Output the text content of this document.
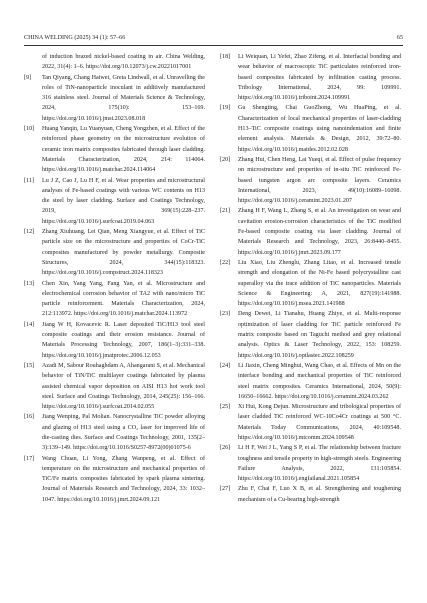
CHINA WELDING (2025) 34 (1): 57–66	65

of induction brazed nickel-based coating in air. China Welding, 2022, 31(4): 1–6. https://doi.org/10.12073/j.cw.20221017001

[9] Tan Qiyang, Chang Haiwei, Greta Lindwall, et al. Unravelling the roles of TiN-nanoparticle inoculant in additively manufactured 316 stainless steel. Journal of Materials Science & Technology, 2024, 175(10): 153–169. https://doi.org/10.1016/j.jmst.2023.08.018

[10] Huang Yanqin, Lu Yuanyuan, Cheng Yongzhen, et al. Effect of the reinforced phase geometry on the microstructure evolution of ceramic iron matrix composites fabricated through laser cladding. Materials Characterization, 2024, 214: 114064. https://doi.org/10.1016/j.matchar.2024.114064

[11] Lu J Z, Cao J, Lu H F, et al. Wear properties and microstructural analyses of Fe-based coatings with various WC contents on H13 die steel by laser cladding. Surface and Coatings Technology, 2019, 369(15):228–237. https://doi.org/10.1016/j.surfcoat.2019.04.063

[12] Zhang Xiuhuang, Lei Qian, Meng Xiangyue, et al. Effect of TiC particle size on the microstructure and properties of CoCr-TiC composites manufactured by powder metallurgy. Composite Structures, 2024, 344(15):118323. https://doi.org/10.1016/j.compstruct.2024.118323

[13] Chen Xin, Yang Yang, Fang Yan, et al. Microstructure and electrochemical corrosion behavior of TA2 with nano/micro TiC particle reinforcement. Materials Characterization, 2024, 212:113972. https://doi.org/10.1016/j.matchar.2024.113972

[14] Jiang W H, Kovacevic R. Laser deposited TiC/H13 tool steel composite coatings and their erosion resistance. Journal of Materials Processing Technology, 2007, 186(1–3):331–338. https://doi.org/10.1016/j.jmatprotec.2006.12.053

[15] Azadi M, Sabour Rouhaghdam A, Ahangarani S, et al. Mechanical behavior of TiN/TiC multilayer coatings fabricated by plasma assisted chemical vapor deposition on AISI H13 hot work tool steel. Surface and Coatings Technology, 2014, 245(25): 156–166. https://doi.org/10.1016/j.surfcoat.2014.02.055

[16] Jiang Wenping, Pal Molian. Nanocrystalline TiC powder alloying and glazing of H13 steel using a CO₂ laser for improved life of die-casting dies. Surface and Coatings Technology, 2001, 135(2–3):139–149. https://doi.org/10.1016/S0257-8972(00)01075-6

[17] Wang Chuan, Li Yong, Zhang Wanpeng, et al. Effect of temperature on the microstructure and mechanical properties of TiC/Fe matrix composites fabricated by spark plasma sintering. Journal of Materials Research and Technology, 2024, 33: 1032–1047. https://doi.org/10.1016/j.jmrt.2024.09.121

[18] Li Weiquan, Li Yefei, Zhao Zifeng, et al. Interfacial bonding and wear behavior of macroscopic TiC particulates reinforced iron-based composites fabricated by infiltration casting process. Tribology International, 2024, 99: 109991. https://doi.org/10.1016/j.triboint.2024.109991

[19] Gu Shengting, Chai GuoZhong, Wu HuaPing, et al. Characterization of local mechanical properties of laser-cladding H13–TiC composite coatings using nanoindentation and finite element analysis. Materials & Design, 2012, 39:72–80. https://doi.org/10.1016/j.matdes.2012.02.028

[20] Zhang Hui, Chen Heng, Lai Yueqi, et al. Effect of pulse frequency on microstructure and properties of in-situ TiC reinforced Fe-based tungsten argon arc composite layers. Ceramics International, 2023, 49(10):16089–16098. https://doi.org/10.1016/j.ceramint.2023.01.207

[21] Zhang H F, Wang L, Zhang S, et al. An investigation on wear and cavitation erosion-corrosion characteristics of the TiC modified Fe-based composite coating via laser cladding. Journal of Materials Research and Technology, 2023, 26:8440–8455. https://doi.org/10.1016/j.jmrt.2023.09.177

[22] Liu Xiao, Liu Zhenglu, Zhang Litao, et al. Increased tensile strength and elongation of the Ni-Fe based polycrystalline cast superalloy via the trace addition of TiC nanoparticles. Materials Science & Engineering: A, 2021, 827(19):141988. https://doi.org/10.1016/j.msea.2021.141988

[23] Deng Dewei, Li Tianahu, Huang Zhiye, et al. Multi-response optimization of laser cladding for TiC particle reinforced Fe matrix composite based on Taguchi method and grey relational analysis. Optics & Laser Technology, 2022, 153: 108259. https://doi.org/10.1016/j.optlastec.2022.108259

[24] Li Jiaxin, Cheng Minghui, Wang Chao, et al. Effects of Mn on the interface bonding and mechanical properties of TiC reinforced steel matrix composites. Ceramics International, 2024, 50(9): 16650–16662. https://doi.org/10.1016/j.ceramint.2024.03.262

[25] Xi Hui, Kong Dejun. Microstructure and tribological properties of laser cladded TiC reinforced WC-10Co4Cr coatings at 500 °C. Materials Today Communications, 2024, 40:109548. https://doi.org/10.1016/j.mtcomm.2024.109548

[26] Li H F, Wei J L, Yang S P, et al. The relationship between fracture toughness and tensile property in high-strength steels. Engineering Failure Analysis, 2022, 131:105854. https://doi.org/10.1016/j.engfailanal.2021.105854

[27] Zhu F, Chai F, Luo X B, et al. Strengthening and toughening mechanism of a Cu-bearing high-strength
